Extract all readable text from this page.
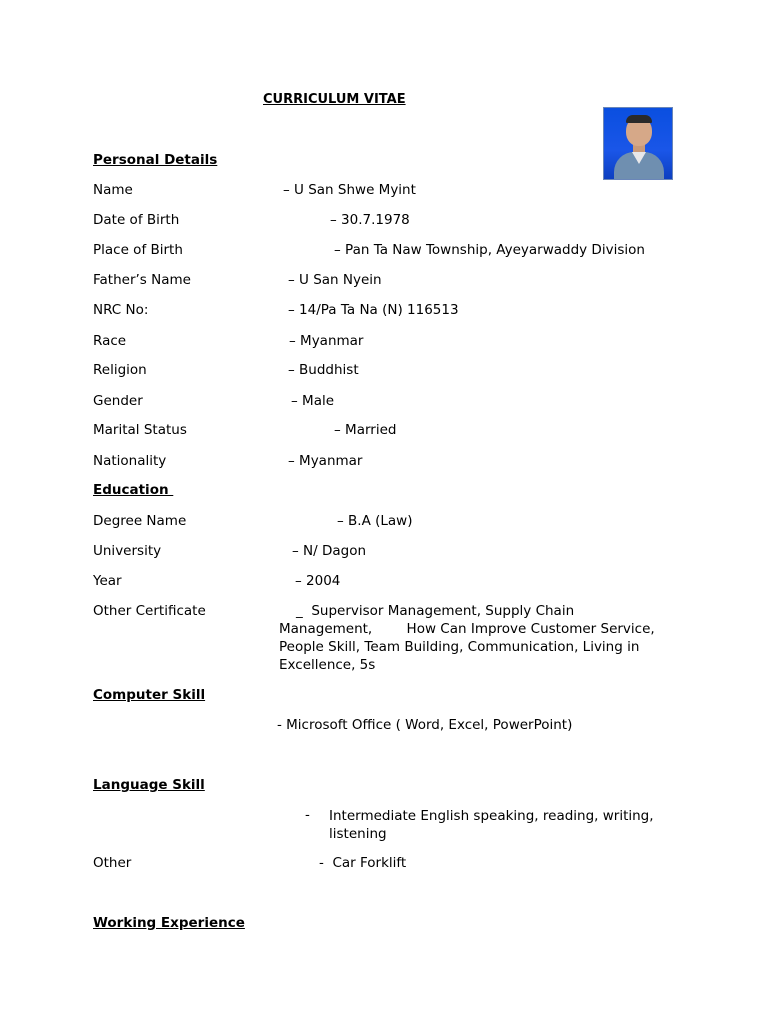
CURRICULUM VITAE
Personal Details
Name	– U San Shwe Myint
Date of Birth	– 30.7.1978
Place of Birth	– Pan Ta Naw Township, Ayeyarwaddy Division
Father’s Name	– U San Nyein
NRC No:	– 14/Pa Ta Na (N) 116513
Race	– Myanmar
Religion	– Buddhist
Gender	– Male
Marital Status	– Married
Nationality	– Myanmar
Education
Degree Name	– B.A (Law)
University	– N/ Dagon
Year	– 2004
Other Certificate	_  Supervisor Management, Supply Chain
Management,        How Can Improve Customer Service, People Skill, Team Building, Communication, Living in Excellence, 5s
Computer Skill
- Microsoft Office ( Word, Excel, PowerPoint)
Language Skill
- Intermediate English speaking, reading, writing, listening
Other	-  Car Forklift
Working Experience
